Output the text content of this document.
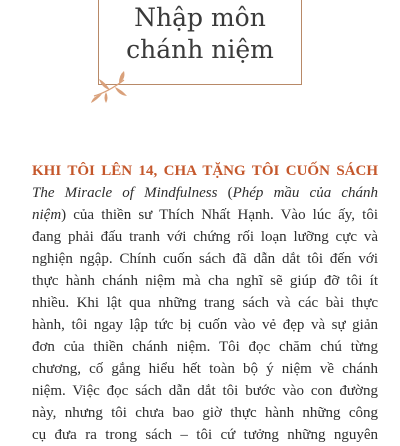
Nhập môn
chánh niệm
KHI TÔI LÊN 14, CHA TẶNG TÔI CUỐN SÁCH
The Miracle of Mindfulness (Phép mầu của chánh
niệm) của thiền sư Thích Nhất Hạnh. Vào lúc ấy, tôi
đang phải đấu tranh với chứng rối loạn lưỡng cực và
nghiện ngập. Chính cuốn sách đã dẫn dắt tôi đến với
thực hành chánh niệm mà cha nghĩ sẽ giúp đỡ tôi ít
nhiều. Khi lật qua những trang sách và các bài thực
hành, tôi ngay lập tức bị cuốn vào vẻ đẹp và sự giản
đơn của thiền chánh niệm. Tôi đọc chăm chú từng
chương, cố gắng hiểu hết toàn bộ ý niệm về chánh
niệm. Việc đọc sách dẫn dắt tôi bước vào con đường
này, nhưng tôi chưa bao giờ thực hành những công
cụ đưa ra trong sách – tôi cứ tưởng những nguyên
